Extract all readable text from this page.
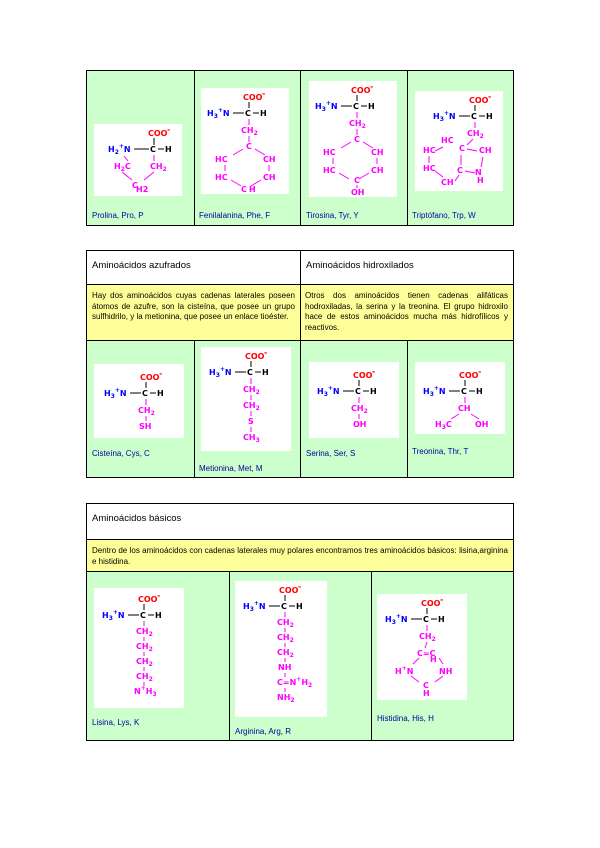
COO -
$H_2^+N$ C H
$H_2C$ $CH_2$
C
H2
Prolina, Pro, P
COO -
$H_3^+N$ C H
$CH_2$
C
HC	CH
HC	CH
C H
Fenilalanina, Phe, F
COO -
$H_3^+N$ C H
$CH_2$
C
HC	CH
HC	CH
C
OH
Tirosina, Tyr, Y
COO -
$H_3^+N$ C H
$CH_2$
HC
C CH
HC
HC
CH
C N
H
Triptófano, Trp, W
Aminoácidos azufrados	Aminoácidos hidroxilados
Hay dos aminoácidos cuyas cadenas laterales poseen átomos de azufre, son la cisteína, que posee un grupo sulfhidrilo, y la metionina, que posee un enlace tioéster.
Otros dos aminoácidos tienen cadenas alifáticas hodroxiladas, la serina y la treonina. El grupo hidroxilo hace de estos aminoácidos mucha más hidrofílicos y reactivos.
COO -
$H_3^+N$ C H
$CH_2$
SH
Cisteína, Cys, C
COO -
$H_3^+N$ C H
$CH_2$
$CH_2$
S
$CH_3$
Metionina, Met, M
COO -
$H_3^+N$ C H
$CH_2$
OH
Serina, Ser, S
COO -
$H_3^+N$ C H
CH
$H_3C$	OH
Treonina, Thr, T
Aminoácidos básicos
Dentro de los aminoácidos con cadenas laterales muy polares encontramos tres aminoácidos básicos: lisina,arginina e histidina.
COO -
$H_3^+N$ C H
$CH_2$
$CH_2$
$CH_2$
$CH_2$
$N^+H_3$
Lisina, Lys, K
COO -
$H_3^+N$ C H
$CH_2$
$CH_2$
$CH_2$
NH
$C=N^+H_2$
$NH_2$
Arginina, Arg, R
COO -
$H_3^+N$ C H
$CH_2$
C=C
H
H+N	NH
C
H
Histidina, His, H
